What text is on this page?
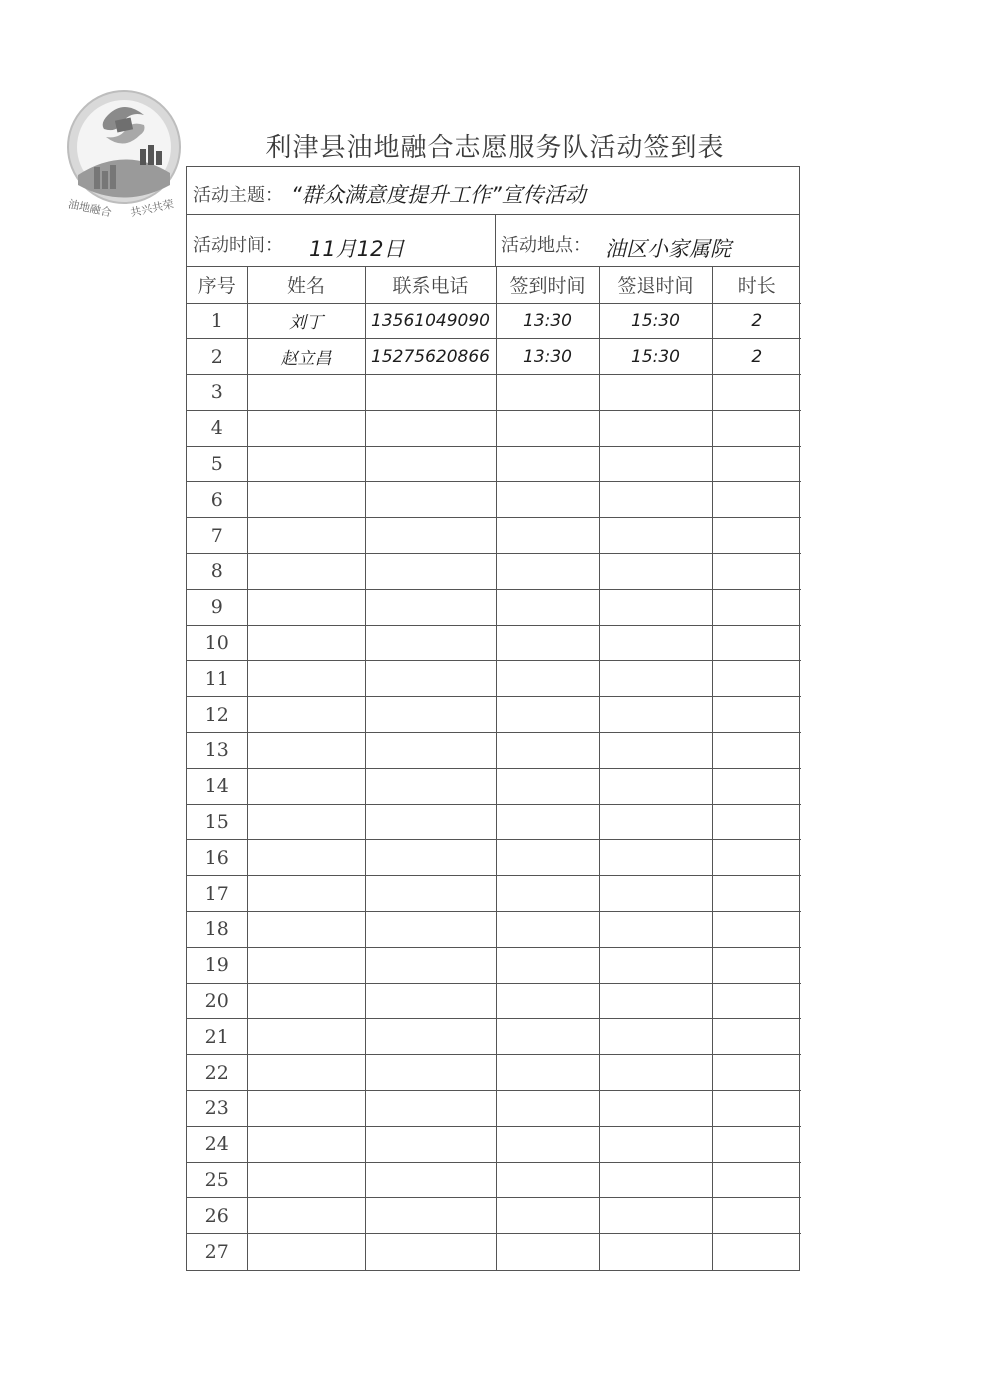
油地融合 共兴共荣
利津县油地融合志愿服务队活动签到表
活动主题： “群众满意度提升工作”宣传活动
活动时间： 11月12日	活动地点： 油区小家属院
序号	姓名	联系电话	签到时间	签退时间	时长
1	刘丁	13561049090	13:30	15:30	2
2	赵立昌	15275620866	13:30	15:30	2
3					
4					
5					
6					
7					
8					
9					
10					
11					
12					
13					
14					
15					
16					
17					
18					
19					
20					
21					
22					
23					
24					
25					
26					
27					
